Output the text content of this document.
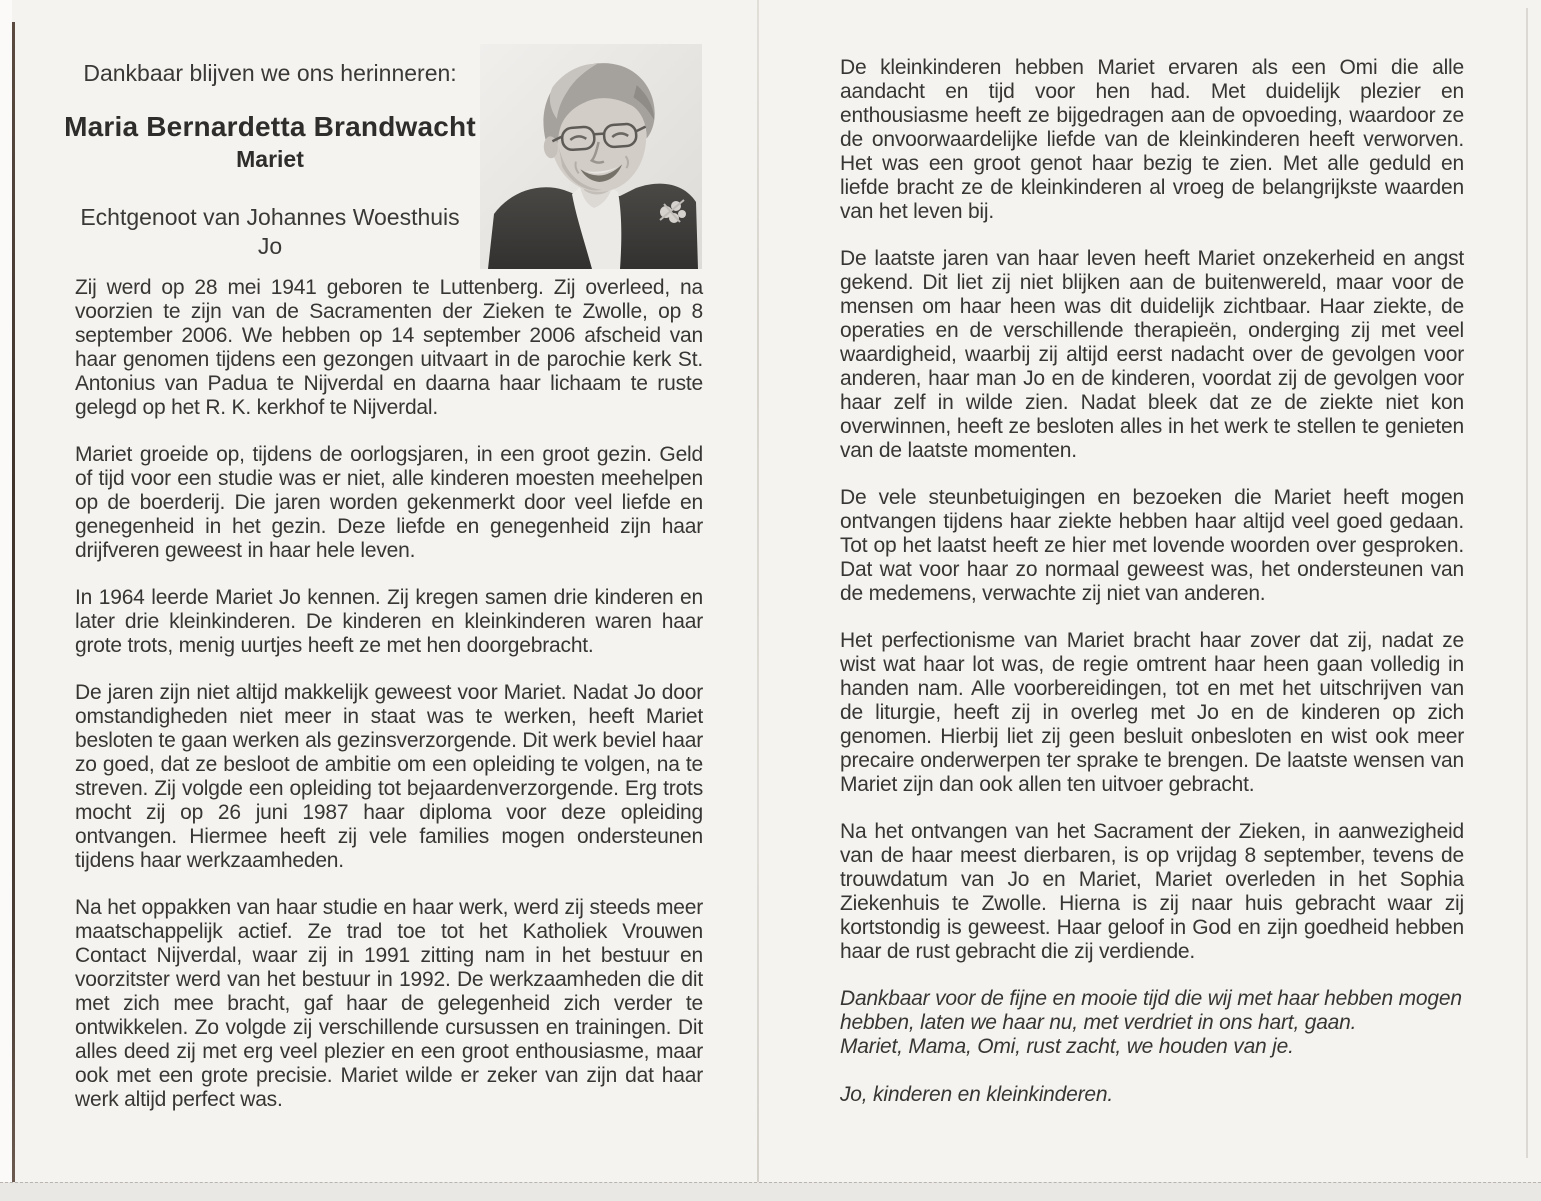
Dankbaar blijven we ons herinneren:
Maria Bernardetta Brandwacht
Mariet
Echtgenoot van Johannes Woesthuis
Jo

Zij werd op 28 mei 1941 geboren te Luttenberg. Zij overleed, na voorzien te zijn van de Sacramenten der Zieken te Zwolle, op 8 september 2006. We hebben op 14 september 2006 afscheid van haar genomen tijdens een gezongen uitvaart in de parochie kerk St. Antonius van Padua te Nijverdal en daarna haar lichaam te ruste gelegd op het R. K. kerkhof te Nijverdal.

Mariet groeide op, tijdens de oorlogsjaren, in een groot gezin. Geld of tijd voor een studie was er niet, alle kinderen moesten meehelpen op de boerderij. Die jaren worden gekenmerkt door veel liefde en genegenheid in het gezin. Deze liefde en genegenheid zijn haar drijfveren geweest in haar hele leven.

In 1964 leerde Mariet Jo kennen. Zij kregen samen drie kinderen en later drie kleinkinderen. De kinderen en kleinkinderen waren haar grote trots, menig uurtjes heeft ze met hen doorgebracht.

De jaren zijn niet altijd makkelijk geweest voor Mariet. Nadat Jo door omstandigheden niet meer in staat was te werken, heeft Mariet besloten te gaan werken als gezinsverzorgende. Dit werk beviel haar zo goed, dat ze besloot de ambitie om een opleiding te volgen, na te streven. Zij volgde een opleiding tot bejaardenverzorgende. Erg trots mocht zij op 26 juni 1987 haar diploma voor deze opleiding ontvangen. Hiermee heeft zij vele families mogen ondersteunen tijdens haar werkzaamheden.

Na het oppakken van haar studie en haar werk, werd zij steeds meer maatschappelijk actief. Ze trad toe tot het Katholiek Vrouwen Contact Nijverdal, waar zij in 1991 zitting nam in het bestuur en voorzitster werd van het bestuur in 1992. De werkzaamheden die dit met zich mee bracht, gaf haar de gelegenheid zich verder te ontwikkelen. Zo volgde zij verschillende cursussen en trainingen. Dit alles deed zij met erg veel plezier en een groot enthousiasme, maar ook met een grote precisie. Mariet wilde er zeker van zijn dat haar werk altijd perfect was.

De kleinkinderen hebben Mariet ervaren als een Omi die alle aandacht en tijd voor hen had. Met duidelijk plezier en enthousiasme heeft ze bijgedragen aan de opvoeding, waardoor ze de onvoorwaardelijke liefde van de kleinkinderen heeft verworven. Het was een groot genot haar bezig te zien. Met alle geduld en liefde bracht ze de kleinkinderen al vroeg de belangrijkste waarden van het leven bij.

De laatste jaren van haar leven heeft Mariet onzekerheid en angst gekend. Dit liet zij niet blijken aan de buitenwereld, maar voor de mensen om haar heen was dit duidelijk zichtbaar. Haar ziekte, de operaties en de verschillende therapieën, onderging zij met veel waardigheid, waarbij zij altijd eerst nadacht over de gevolgen voor anderen, haar man Jo en de kinderen, voordat zij de gevolgen voor haar zelf in wilde zien. Nadat bleek dat ze de ziekte niet kon overwinnen, heeft ze besloten alles in het werk te stellen te genieten van de laatste momenten.

De vele steunbetuigingen en bezoeken die Mariet heeft mogen ontvangen tijdens haar ziekte hebben haar altijd veel goed gedaan. Tot op het laatst heeft ze hier met lovende woorden over gesproken. Dat wat voor haar zo normaal geweest was, het ondersteunen van de medemens, verwachte zij niet van anderen.

Het perfectionisme van Mariet bracht haar zover dat zij, nadat ze wist wat haar lot was, de regie omtrent haar heen gaan volledig in handen nam. Alle voorbereidingen, tot en met het uitschrijven van de liturgie, heeft zij in overleg met Jo en de kinderen op zich genomen. Hierbij liet zij geen besluit onbesloten en wist ook meer precaire onderwerpen ter sprake te brengen. De laatste wensen van Mariet zijn dan ook allen ten uitvoer gebracht.

Na het ontvangen van het Sacrament der Zieken, in aanwezigheid van de haar meest dierbaren, is op vrijdag 8 september, tevens de trouwdatum van Jo en Mariet, Mariet overleden in het Sophia Ziekenhuis te Zwolle. Hierna is zij naar huis gebracht waar zij kortstondig is geweest. Haar geloof in God en zijn goedheid hebben haar de rust gebracht die zij verdiende.

Dankbaar voor de fijne en mooie tijd die wij met haar hebben mogen hebben, laten we haar nu, met verdriet in ons hart, gaan.

Mariet, Mama, Omi, rust zacht, we houden van je.

Jo, kinderen en kleinkinderen.
